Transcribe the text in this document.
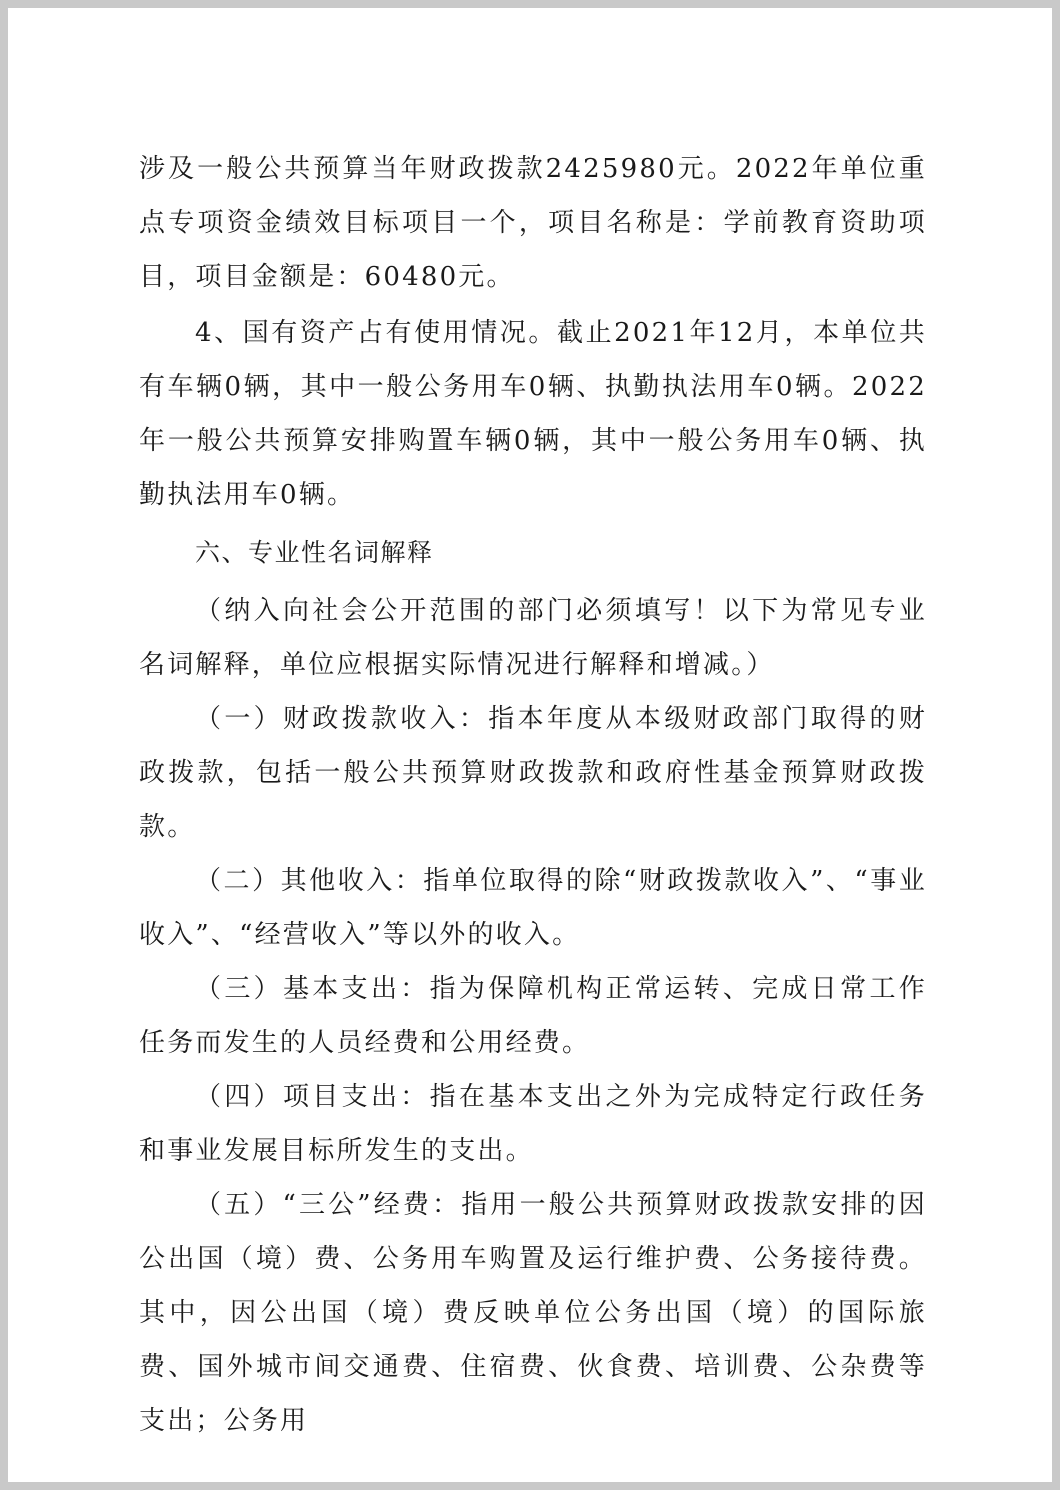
涉及一般公共预算当年财政拨款2425980元。2022年单位重点专项资金绩效目标项目一个，项目名称是：学前教育资助项目，项目金额是：60480元。

4、国有资产占有使用情况。截止2021年12月，本单位共有车辆0辆，其中一般公务用车0辆、执勤执法用车0辆。2022年一般公共预算安排购置车辆0辆，其中一般公务用车0辆、执勤执法用车0辆。

六、专业性名词解释

（纳入向社会公开范围的部门必须填写！以下为常见专业名词解释，单位应根据实际情况进行解释和增减。）

（一）财政拨款收入：指本年度从本级财政部门取得的财政拨款，包括一般公共预算财政拨款和政府性基金预算财政拨款。

（二）其他收入：指单位取得的除“财政拨款收入”、“事业收入”、“经营收入”等以外的收入。

（三）基本支出：指为保障机构正常运转、完成日常工作任务而发生的人员经费和公用经费。

（四）项目支出：指在基本支出之外为完成特定行政任务和事业发展目标所发生的支出。

（五）“三公”经费：指用一般公共预算财政拨款安排的因公出国（境）费、公务用车购置及运行维护费、公务接待费。其中，因公出国（境）费反映单位公务出国（境）的国际旅费、国外城市间交通费、住宿费、伙食费、培训费、公杂费等支出；公务用
